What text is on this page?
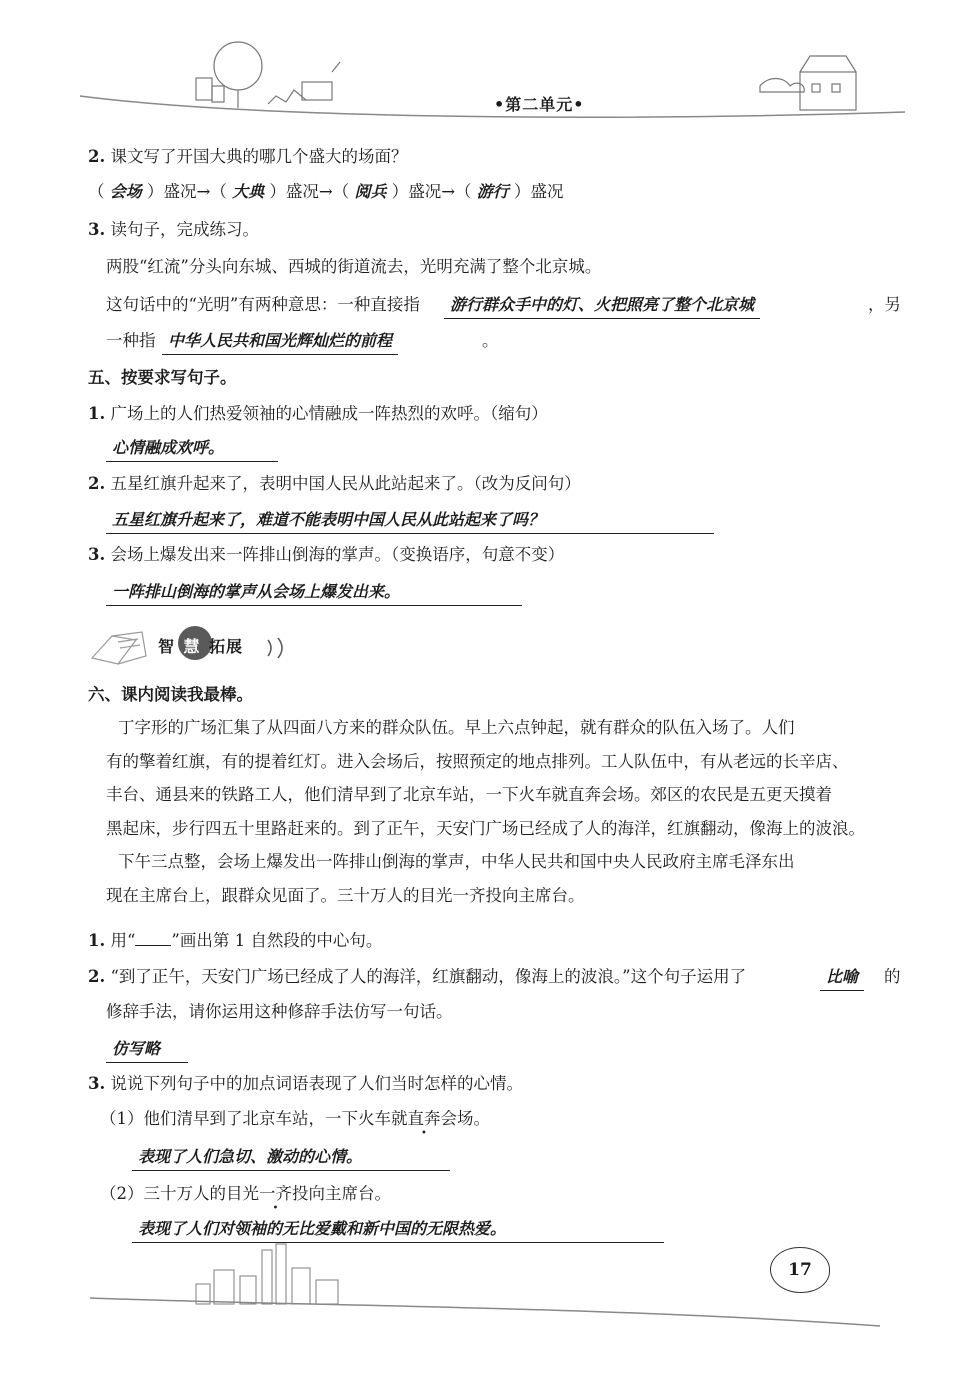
•第二单元•
2. 课文写了开国大典的哪几个盛大的场面？
（ 会场 ）盛况→（ 大典 ）盛况→（ 阅兵 ）盛况→（ 游行 ）盛况
3. 读句子，完成练习。
两股“红流”分头向东城、西城的街道流去，光明充满了整个北京城。
这句话中的“光明”有两种意思：一种直接指	游行群众手中的灯、火把照亮了整个北京城	，另
一种指 中华人民共和国光辉灿烂的前程	。
五、按要求写句子。
1. 广场上的人们热爱领袖的心情融成一阵热烈的欢呼。（缩句）
心情融成欢呼。
2. 五星红旗升起来了，表明中国人民从此站起来了。（改为反问句）
五星红旗升起来了，难道不能表明中国人民从此站起来了吗？
3. 会场上爆发出来一阵排山倒海的掌声。（变换语序，句意不变）
一阵排山倒海的掌声从会场上爆发出来。
智 慧 拓展
六、课内阅读我最棒。
丁字形的广场汇集了从四面八方来的群众队伍。早上六点钟起，就有群众的队伍入场了。人们
有的擎着红旗，有的提着红灯。进入会场后，按照预定的地点排列。工人队伍中，有从老远的长辛店、
丰台、通县来的铁路工人，他们清早到了北京车站，一下火车就直奔会场。郊区的农民是五更天摸着
黑起床，步行四五十里路赶来的。到了正午，天安门广场已经成了人的海洋，红旗翻动，像海上的波浪。
下午三点整，会场上爆发出一阵排山倒海的掌声，中华人民共和国中央人民政府主席毛泽东出
现在主席台上，跟群众见面了。三十万人的目光一齐投向主席台。
1. 用“ ”画出第 1 自然段的中心句。
2. “到了正午，天安门广场已经成了人的海洋，红旗翻动，像海上的波浪。”这个句子运用了	比喻	的
修辞手法，请你运用这种修辞手法仿写一句话。
仿写略
3. 说说下列句子中的加点词语表现了人们当时怎样的心情。
（1）他们清早到了北京车站，一下火车就直奔会场。
表现了人们急切、激动的心情。
（2）三十万人的目光一齐投向主席台。
表现了人们对领袖的无比爱戴和新中国的无限热爱。
17
